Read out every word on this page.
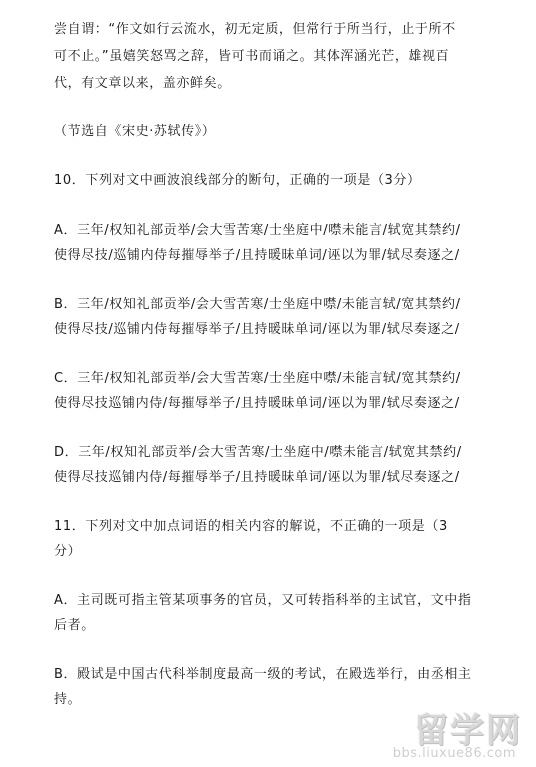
尝自谓：“作文如行云流水，初无定质，但常行于所当行，止于所不
可不止。”虽嬉笑怒骂之辞，皆可书而诵之。其体浑涵光芒，雄视百
代，有文章以来，盖亦鲜矣。
（节选自《宋史·苏轼传》）
10．下列对文中画波浪线部分的断句，正确的一项是（3分）
A．三年/权知礼部贡举/会大雪苦寒/士坐庭中/噤未能言/轼宽其禁约/
使得尽技/巡铺内侍每摧辱举子/且持暖昧单词/诬以为罪/轼尽奏逐之/
B．三年/权知礼部贡举/会大雪苦寒/士坐庭中噤/未能言轼/宽其禁约/
使得尽技/巡铺内侍每摧辱举子/且持暖昧单词/诬以为罪/轼尽奏逐之/
C．三年/权知礼部贡举/会大雪苦寒/士坐庭中噤/未能言轼/宽其禁约/
使得尽技巡铺内侍/每摧辱举子/且持暖昧单词/诬以为罪/轼尽奏逐之/
D．三年/权知礼部贡举/会大雪苦寒/士坐庭中/噤未能言/轼宽其禁约/
使得尽技巡铺内侍/每摧辱举子/且持暖昧单词/诬以为罪/轼尽奏逐之/
11．下列对文中加点词语的相关内容的解说，不正确的一项是（3
分）
A．主司既可指主管某项事务的官员，又可转指科举的主试官，文中指
后者。
B．殿试是中国古代科举制度最高一级的考试，在殿选举行，由丞相主
持。
留学网
bbs.liuxue86.com
